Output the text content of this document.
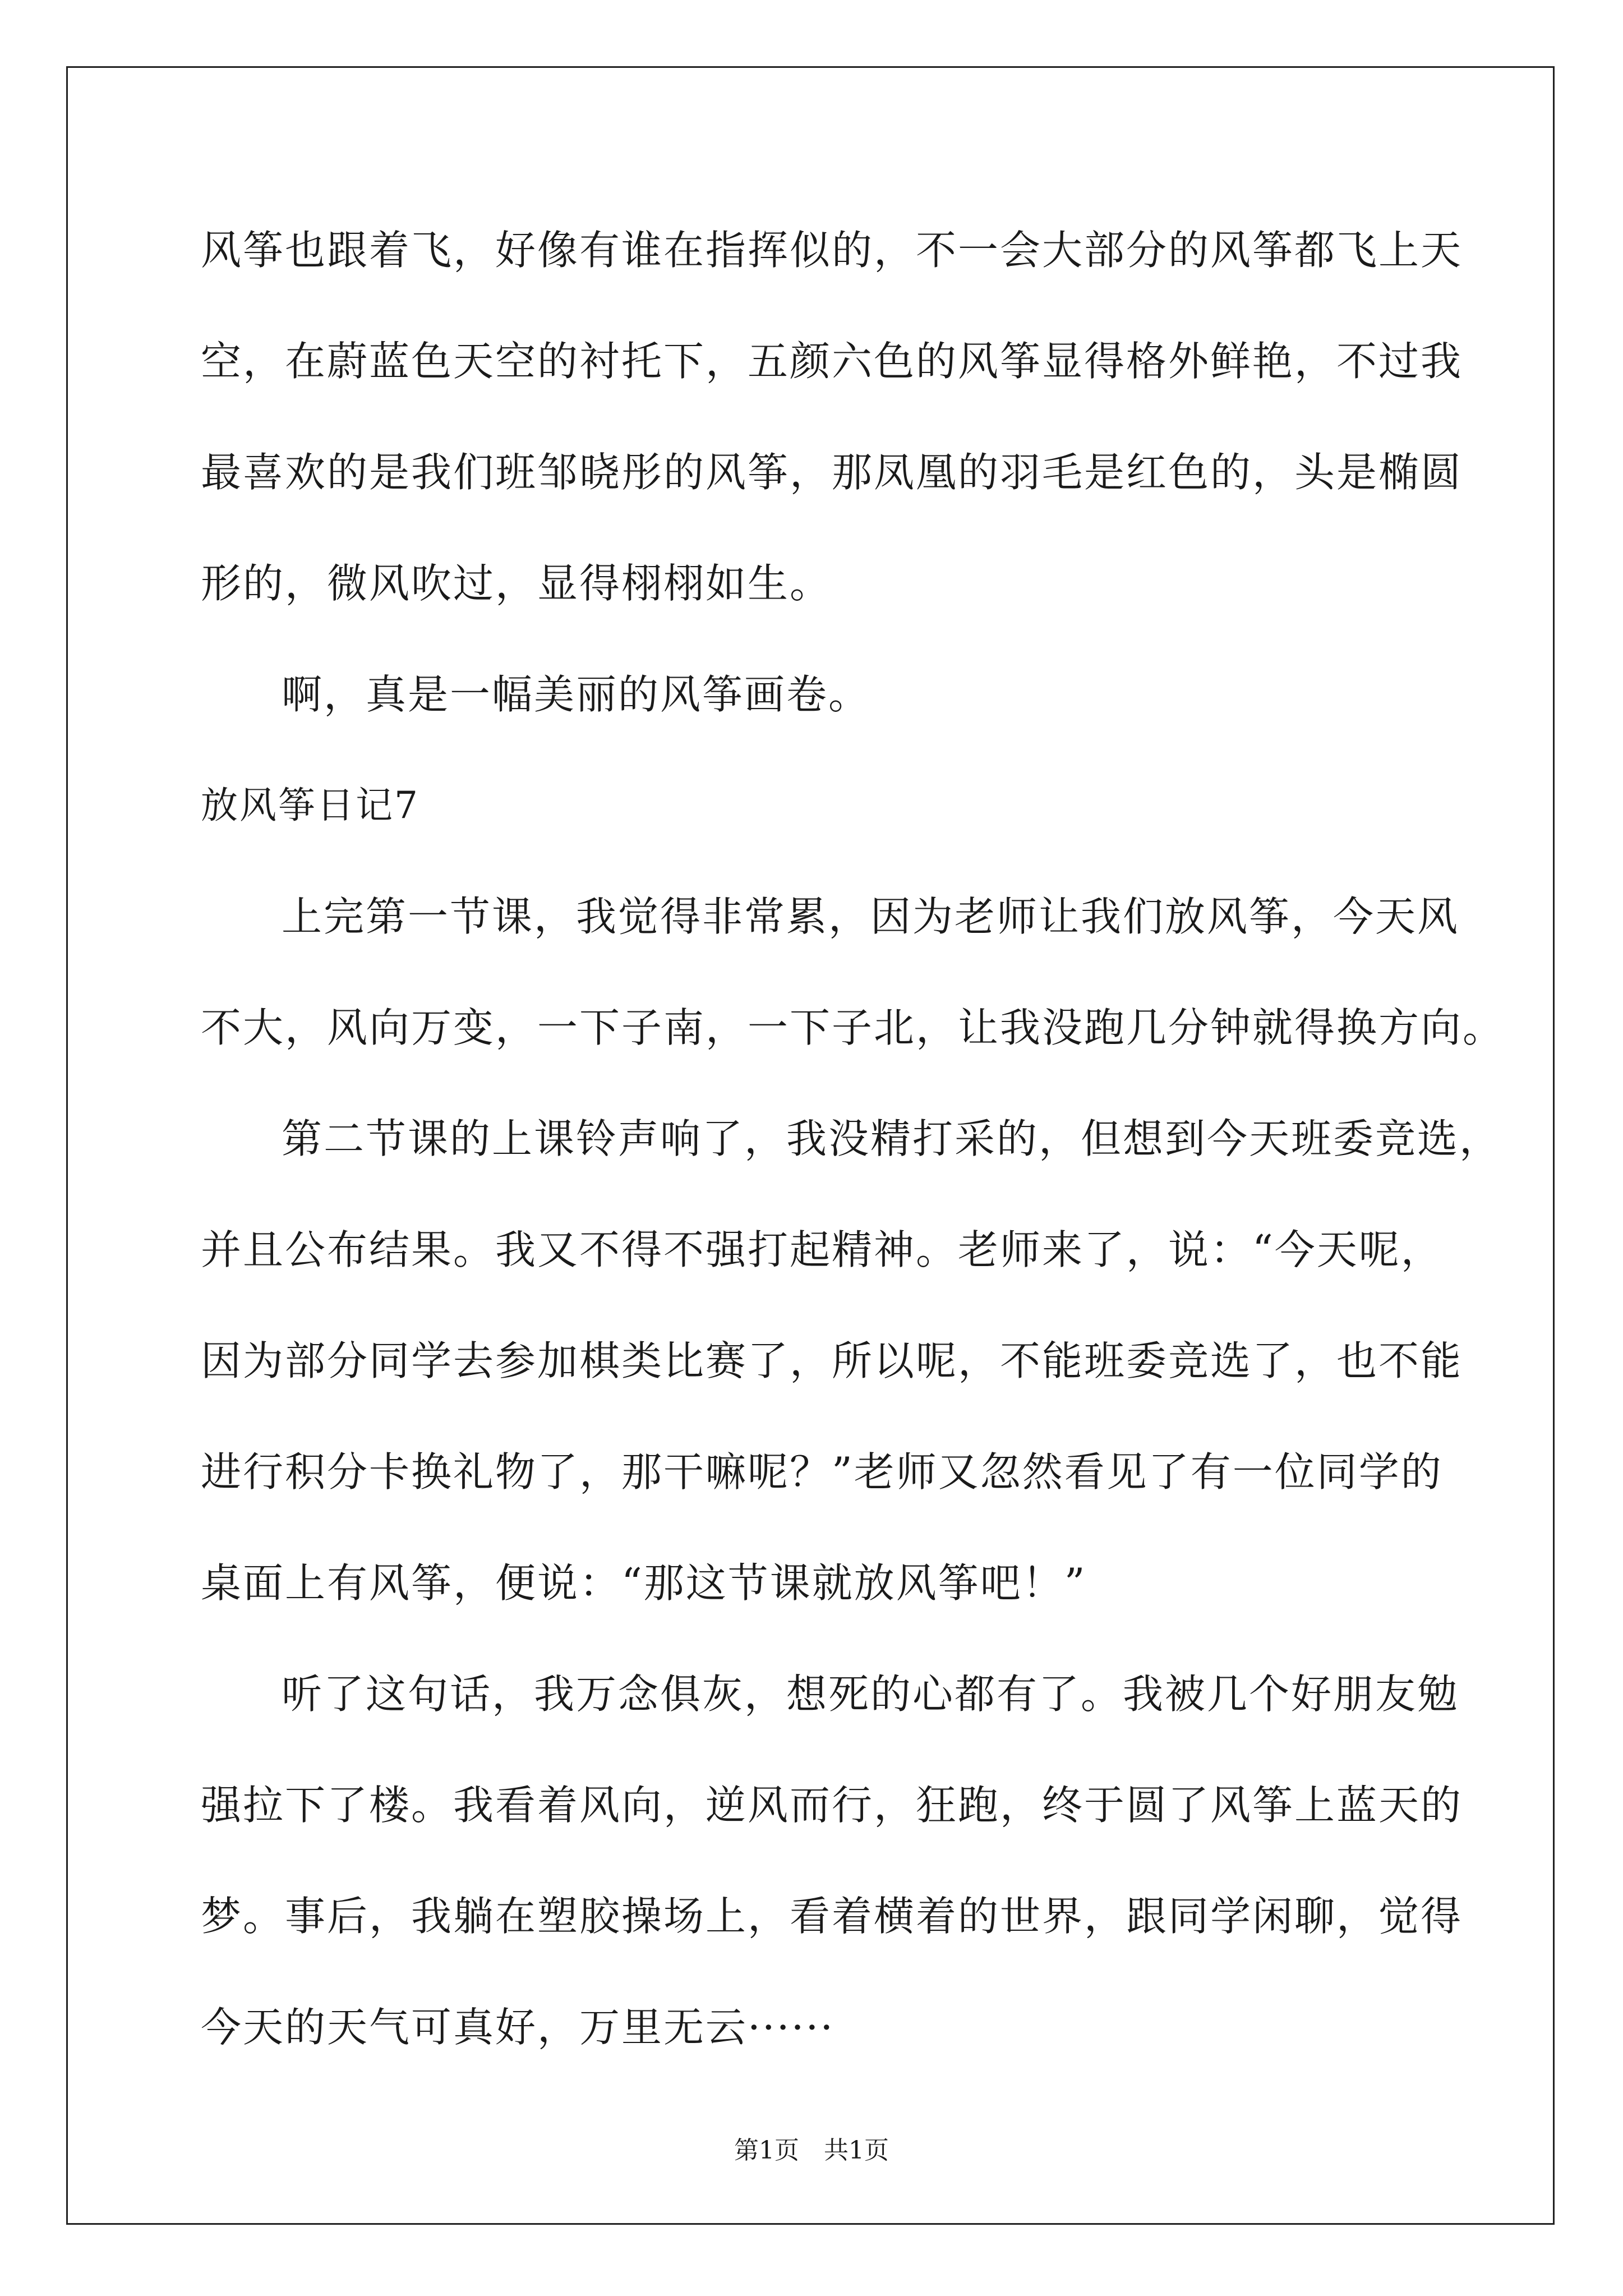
风筝也跟着飞，好像有谁在指挥似的，不一会大部分的风筝都飞上天
空，在蔚蓝色天空的衬托下，五颜六色的风筝显得格外鲜艳，不过我
最喜欢的是我们班邹晓彤的风筝，那凤凰的羽毛是红色的，头是椭圆
形的，微风吹过，显得栩栩如生。
啊，真是一幅美丽的风筝画卷。
放风筝日记7
上完第一节课，我觉得非常累，因为老师让我们放风筝，今天风
不大，风向万变，一下子南，一下子北，让我没跑几分钟就得换方向。
第二节课的上课铃声响了，我没精打采的，但想到今天班委竞选，
并且公布结果。我又不得不强打起精神。老师来了，说：“今天呢，
因为部分同学去参加棋类比赛了，所以呢，不能班委竞选了，也不能
进行积分卡换礼物了，那干嘛呢？”老师又忽然看见了有一位同学的
桌面上有风筝，便说：“那这节课就放风筝吧！”
听了这句话，我万念俱灰，想死的心都有了。我被几个好朋友勉
强拉下了楼。我看着风向，逆风而行，狂跑，终于圆了风筝上蓝天的
梦。事后，我躺在塑胶操场上，看着横着的世界，跟同学闲聊，觉得
今天的天气可真好，万里无云······
第1页　共1页
